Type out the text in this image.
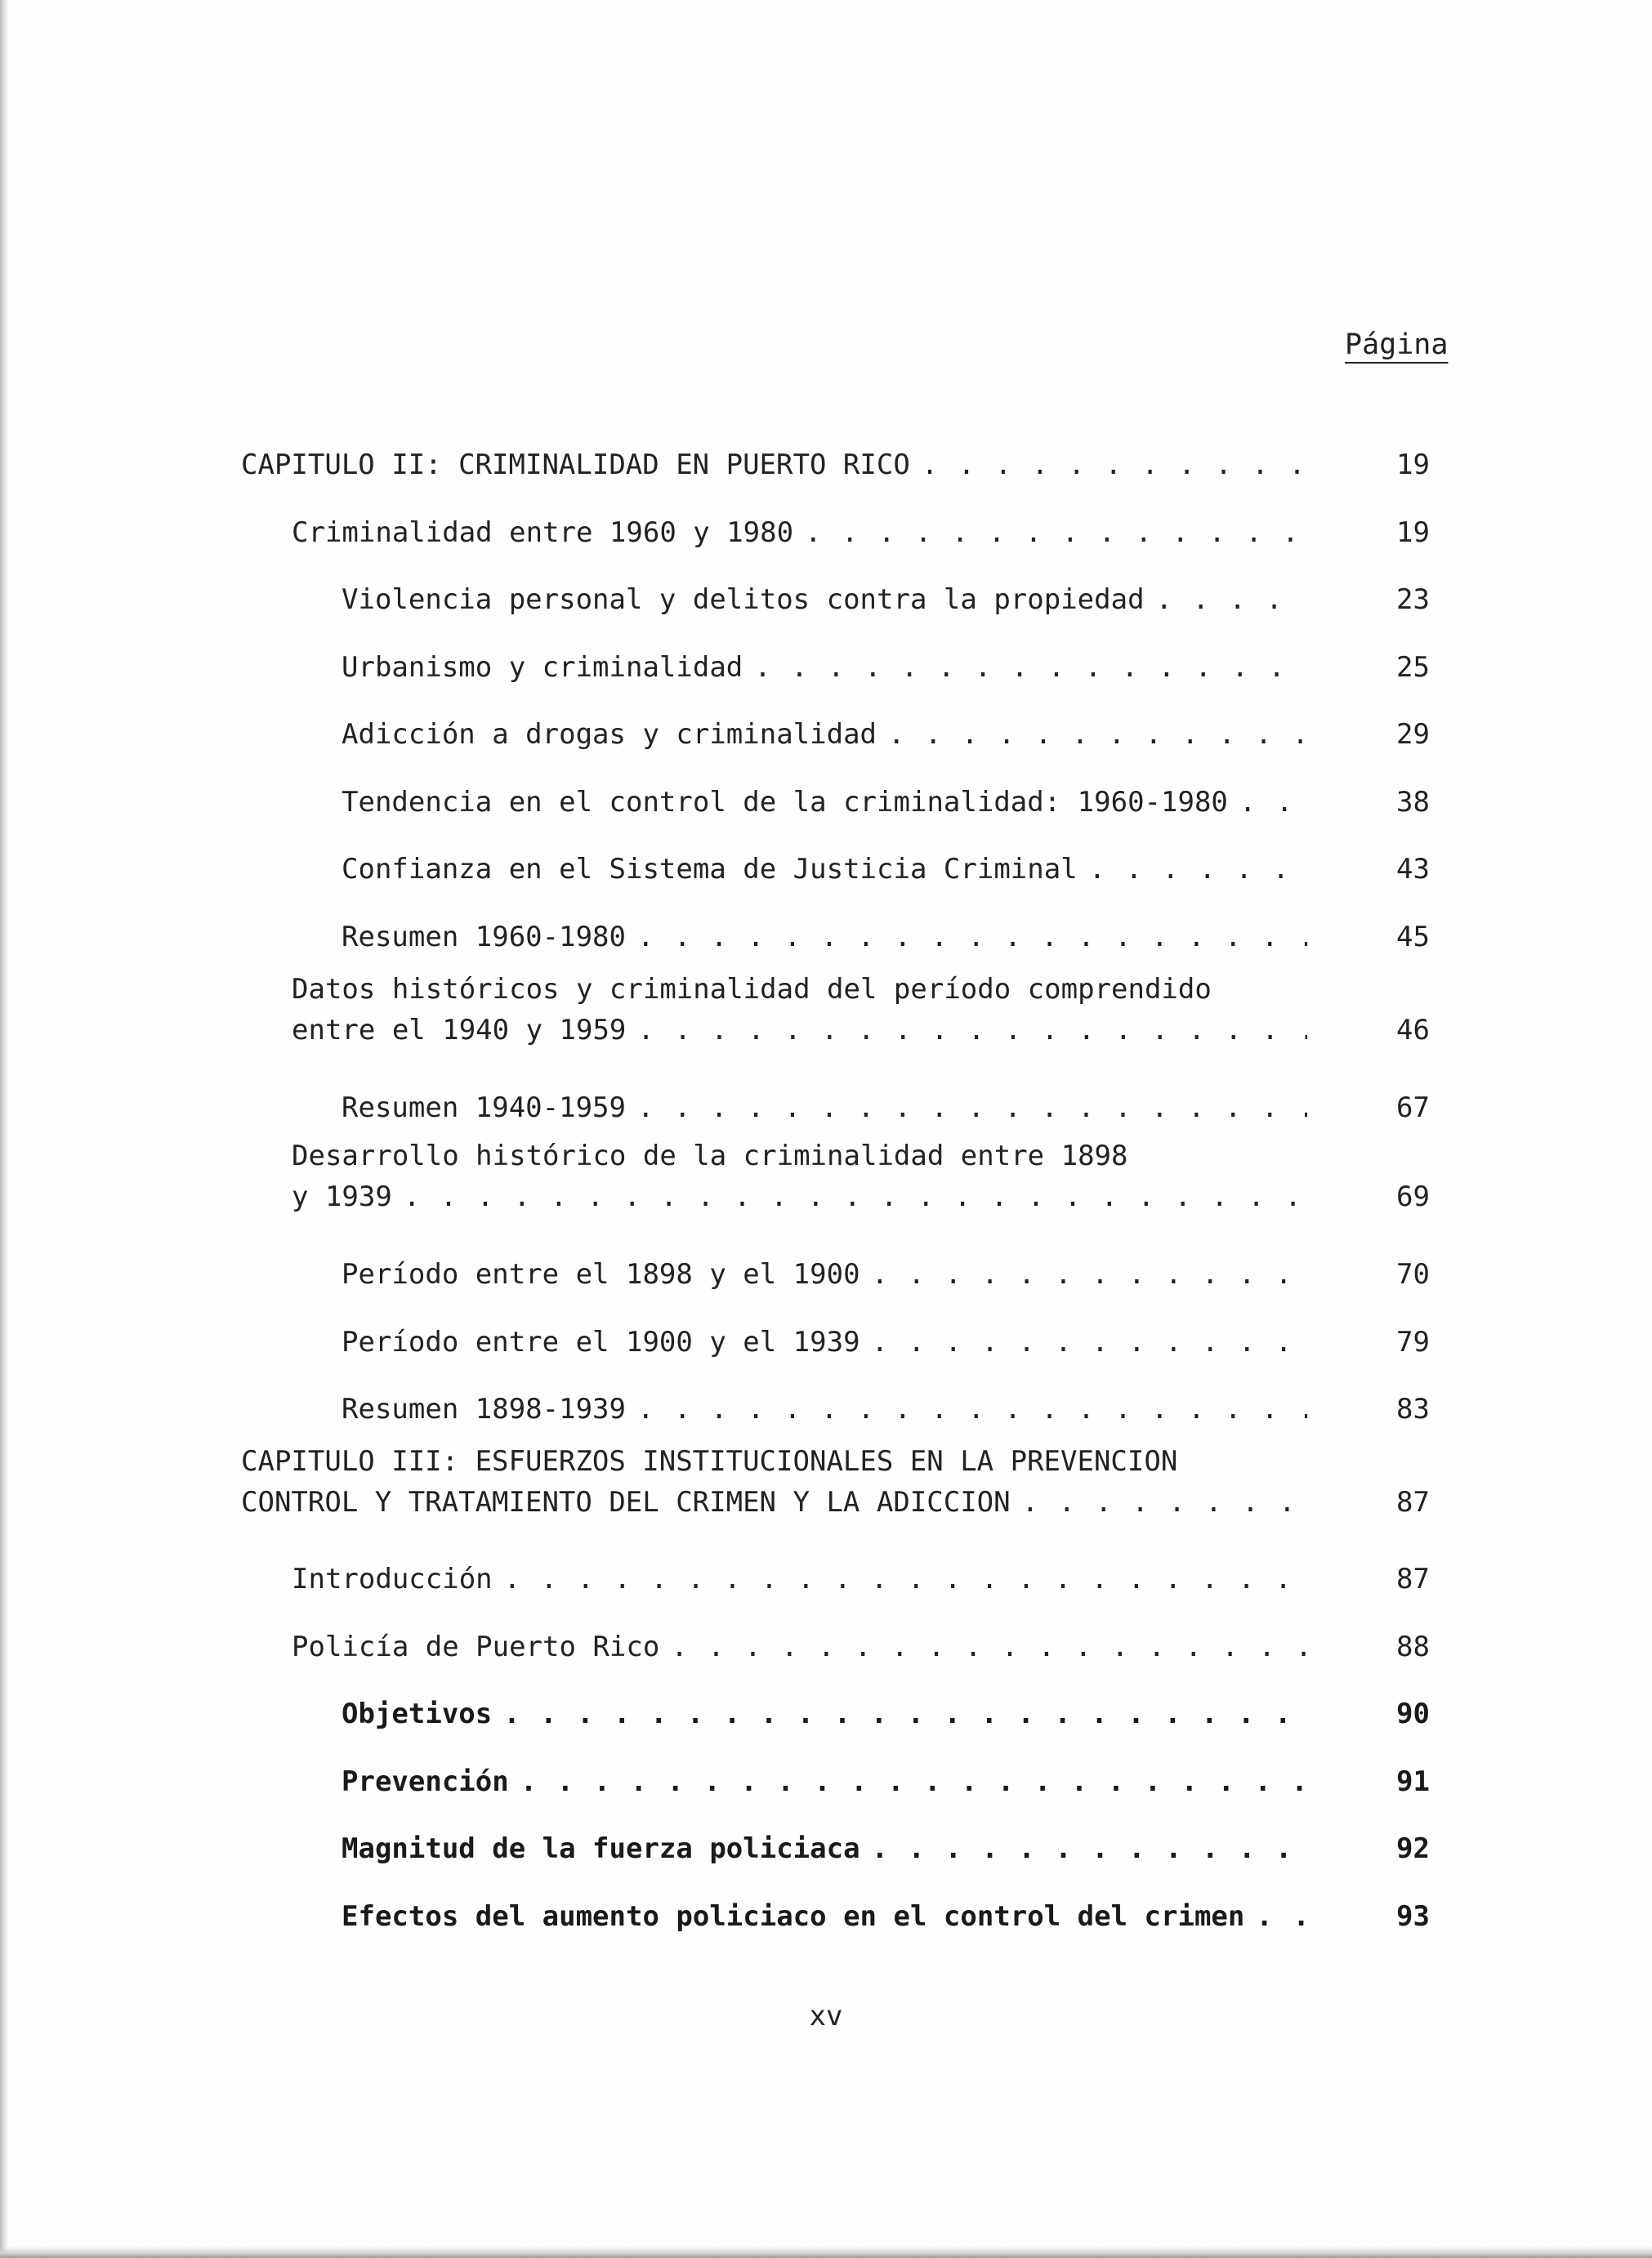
Página
CAPITULO II: CRIMINALIDAD EN PUERTO RICO . . .	19
Criminalidad entre 1960 y 1980 . . .	19
Violencia personal y delitos contra la propiedad . . .	23
Urbanismo y criminalidad . . .	25
Adicción a drogas y criminalidad . . .	29
Tendencia en el control de la criminalidad: 1960-1980 . . .	38
Confianza en el Sistema de Justicia Criminal . . .	43
Resumen 1960-1980 . . .	45
Datos históricos y criminalidad del período comprendido
entre el 1940 y 1959 . . .	46
Resumen 1940-1959 . . .	67
Desarrollo histórico de la criminalidad entre 1898
y 1939 . . .	69
Período entre el 1898 y el 1900 . . .	70
Período entre el 1900 y el 1939 . . .	79
Resumen 1898-1939 . . .	83
CAPITULO III: ESFUERZOS INSTITUCIONALES EN LA PREVENCION
CONTROL Y TRATAMIENTO DEL CRIMEN Y LA ADICCION . . .	87
Introducción . . .	87
Policía de Puerto Rico . . .	88
Objetivos . . .	90
Prevención . . .	91
Magnitud de la fuerza policiaca . . .	92
Efectos del aumento policiaco en el control del crimen . . .	93
xv
